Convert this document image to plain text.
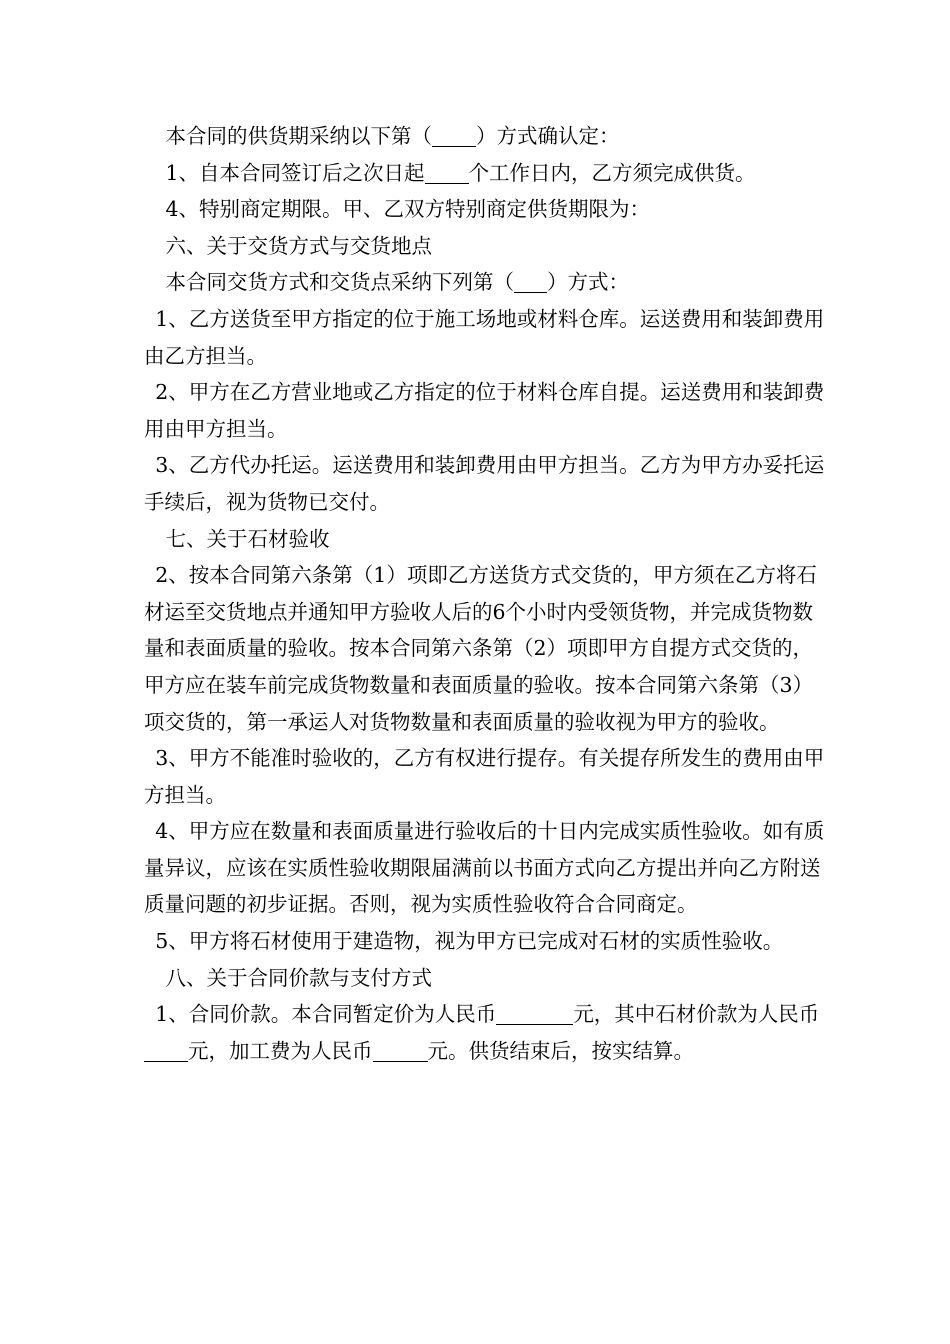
本合同的供货期采纳以下第（ ）方式确认定：

1、自本合同签订后之次日起 个工作日内，乙方须完成供货。

4、特别商定期限。甲、乙双方特别商定供货期限为：

六、关于交货方式与交货地点

本合同交货方式和交货点采纳下列第（ ）方式：

1、乙方送货至甲方指定的位于施工场地或材料仓库。运送费用和装卸费用由乙方担当。

2、甲方在乙方营业地或乙方指定的位于材料仓库自提。运送费用和装卸费用由甲方担当。

3、乙方代办托运。运送费用和装卸费用由甲方担当。乙方为甲方办妥托运手续后，视为货物已交付。

七、关于石材验收

2、按本合同第六条第（1）项即乙方送货方式交货的，甲方须在乙方将石材运至交货地点并通知甲方验收人后的6个小时内受领货物，并完成货物数量和表面质量的验收。按本合同第六条第（2）项即甲方自提方式交货的，甲方应在装车前完成货物数量和表面质量的验收。按本合同第六条第（3）项交货的，第一承运人对货物数量和表面质量的验收视为甲方的验收。

3、甲方不能准时验收的，乙方有权进行提存。有关提存所发生的费用由甲方担当。

4、甲方应在数量和表面质量进行验收后的十日内完成实质性验收。如有质量异议，应该在实质性验收期限届满前以书面方式向乙方提出并向乙方附送质量问题的初步证据。否则，视为实质性验收符合合同商定。

5、甲方将石材使用于建造物，视为甲方已完成对石材的实质性验收。

八、关于合同价款与支付方式

1、合同价款。本合同暂定价为人民币	元，其中石材价款为人民币元，加工费为人民币	元。供货结束后，按实结算。
